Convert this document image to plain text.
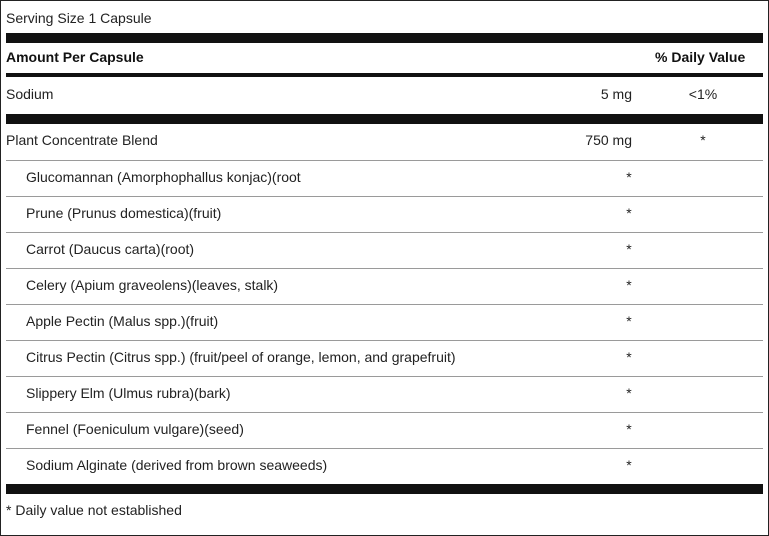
Serving Size 1 Capsule
Amount Per Capsule	% Daily Value
Sodium	5 mg	<1%
Plant Concentrate Blend	750 mg	*
Glucomannan (Amorphophallus konjac)(root	*
Prune (Prunus domestica)(fruit)	*
Carrot (Daucus carta)(root)	*
Celery (Apium graveolens)(leaves, stalk)	*
Apple Pectin (Malus spp.)(fruit)	*
Citrus Pectin (Citrus spp.) (fruit/peel of orange, lemon, and grapefruit)	*
Slippery Elm (Ulmus rubra)(bark)	*
Fennel (Foeniculum vulgare)(seed)	*
Sodium Alginate (derived from brown seaweeds)	*
* Daily value not established
